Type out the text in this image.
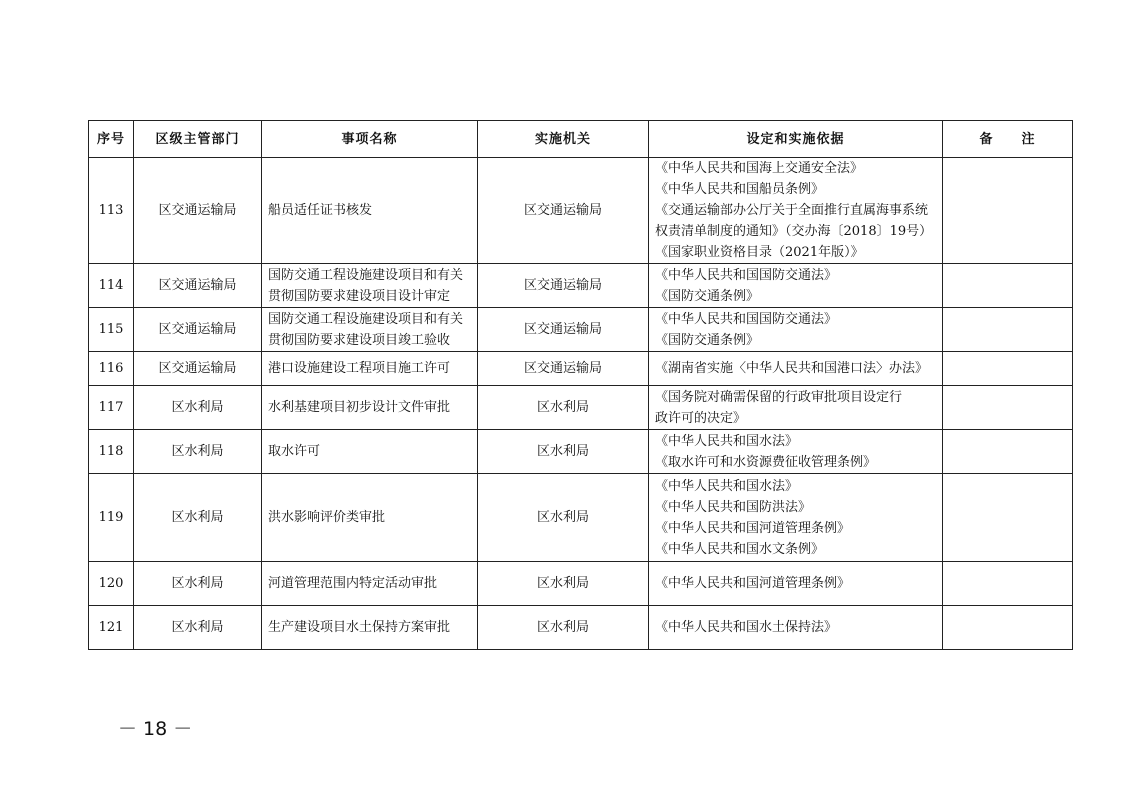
序号	区级主管部门	事项名称	实施机关	设定和实施依据	备　　注
113	区交通运输局	船员适任证书核发	区交通运输局	《中华人民共和国海上交通安全法》
《中华人民共和国船员条例》
《交通运输部办公厅关于全面推行直属海事系统
权责清单制度的通知》（交办海〔2018〕19号）
《国家职业资格目录（2021年版）》	

114	区交通运输局	国防交通工程设施建设项目和有关
贯彻国防要求建设项目设计审定	区交通运输局	《中华人民共和国国防交通法》
《国防交通条例》	

115	区交通运输局	国防交通工程设施建设项目和有关
贯彻国防要求建设项目竣工验收	区交通运输局	《中华人民共和国国防交通法》
《国防交通条例》	

116	区交通运输局	港口设施建设工程项目施工许可	区交通运输局	《湖南省实施〈中华人民共和国港口法〉办法》	

117	区水利局	水利基建项目初步设计文件审批	区水利局	《国务院对确需保留的行政审批项目设定行
政许可的决定》	

118	区水利局	取水许可	区水利局	《中华人民共和国水法》
《取水许可和水资源费征收管理条例》	

119	区水利局	洪水影响评价类审批	区水利局	《中华人民共和国水法》
《中华人民共和国防洪法》
《中华人民共和国河道管理条例》
《中华人民共和国水文条例》	

120	区水利局	河道管理范围内特定活动审批	区水利局	《中华人民共和国河道管理条例》	

121	区水利局	生产建设项目水土保持方案审批	区水利局	《中华人民共和国水土保持法》	

－ 18 －
